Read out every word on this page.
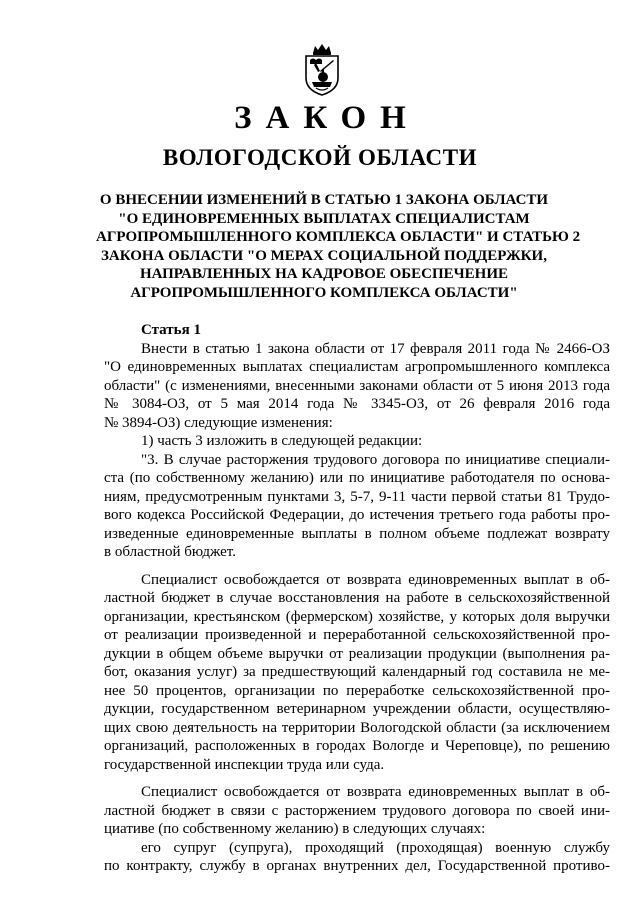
ЗАКОН
ВОЛОГОДСКОЙ ОБЛАСТИ
О ВНЕСЕНИИ ИЗМЕНЕНИЙ В СТАТЬЮ 1 ЗАКОНА ОБЛАСТИ
"О ЕДИНОВРЕМЕННЫХ ВЫПЛАТАХ СПЕЦИАЛИСТАМ
АГРОПРОМЫШЛЕННОГО КОМПЛЕКСА ОБЛАСТИ" И СТАТЬЮ 2
ЗАКОНА ОБЛАСТИ "О МЕРАХ СОЦИАЛЬНОЙ ПОДДЕРЖКИ,
НАПРАВЛЕННЫХ НА КАДРОВОЕ ОБЕСПЕЧЕНИЕ
АГРОПРОМЫШЛЕННОГО КОМПЛЕКСА ОБЛАСТИ"
Статья 1
Внести в статью 1 закона области от 17 февраля 2011 года № 2466-ОЗ
"О единовременных выплатах специалистам агропромышленного комплекса
области" (с изменениями, внесенными законами области от 5 июня 2013 года
№ 3084-ОЗ, от 5 мая 2014 года № 3345-ОЗ, от 26 февраля 2016 года
№ 3894-ОЗ) следующие изменения:
1) часть 3 изложить в следующей редакции:
"3. В случае расторжения трудового договора по инициативе специали-
ста (по собственному желанию) или по инициативе работодателя по основа-
ниям, предусмотренным пунктами 3, 5-7, 9-11 части первой статьи 81 Трудо-
вого кодекса Российской Федерации, до истечения третьего года работы про-
изведенные единовременные выплаты в полном объеме подлежат возврату
в областной бюджет.
Специалист освобождается от возврата единовременных выплат в об-
ластной бюджет в случае восстановления на работе в сельскохозяйственной
организации, крестьянском (фермерском) хозяйстве, у которых доля выручки
от реализации произведенной и переработанной сельскохозяйственной про-
дукции в общем объеме выручки от реализации продукции (выполнения ра-
бот, оказания услуг) за предшествующий календарный год составила не ме-
нее 50 процентов, организации по переработке сельскохозяйственной про-
дукции, государственном ветеринарном учреждении области, осуществляю-
щих свою деятельность на территории Вологодской области (за исключением
организаций, расположенных в городах Вологде и Череповце), по решению
государственной инспекции труда или суда.
Специалист освобождается от возврата единовременных выплат в об-
ластной бюджет в связи с расторжением трудового договора по своей ини-
циативе (по собственному желанию) в следующих случаях:
его супруг (супруга), проходящий (проходящая) военную службу
по контракту, службу в органах внутренних дел, Государственной противо-
